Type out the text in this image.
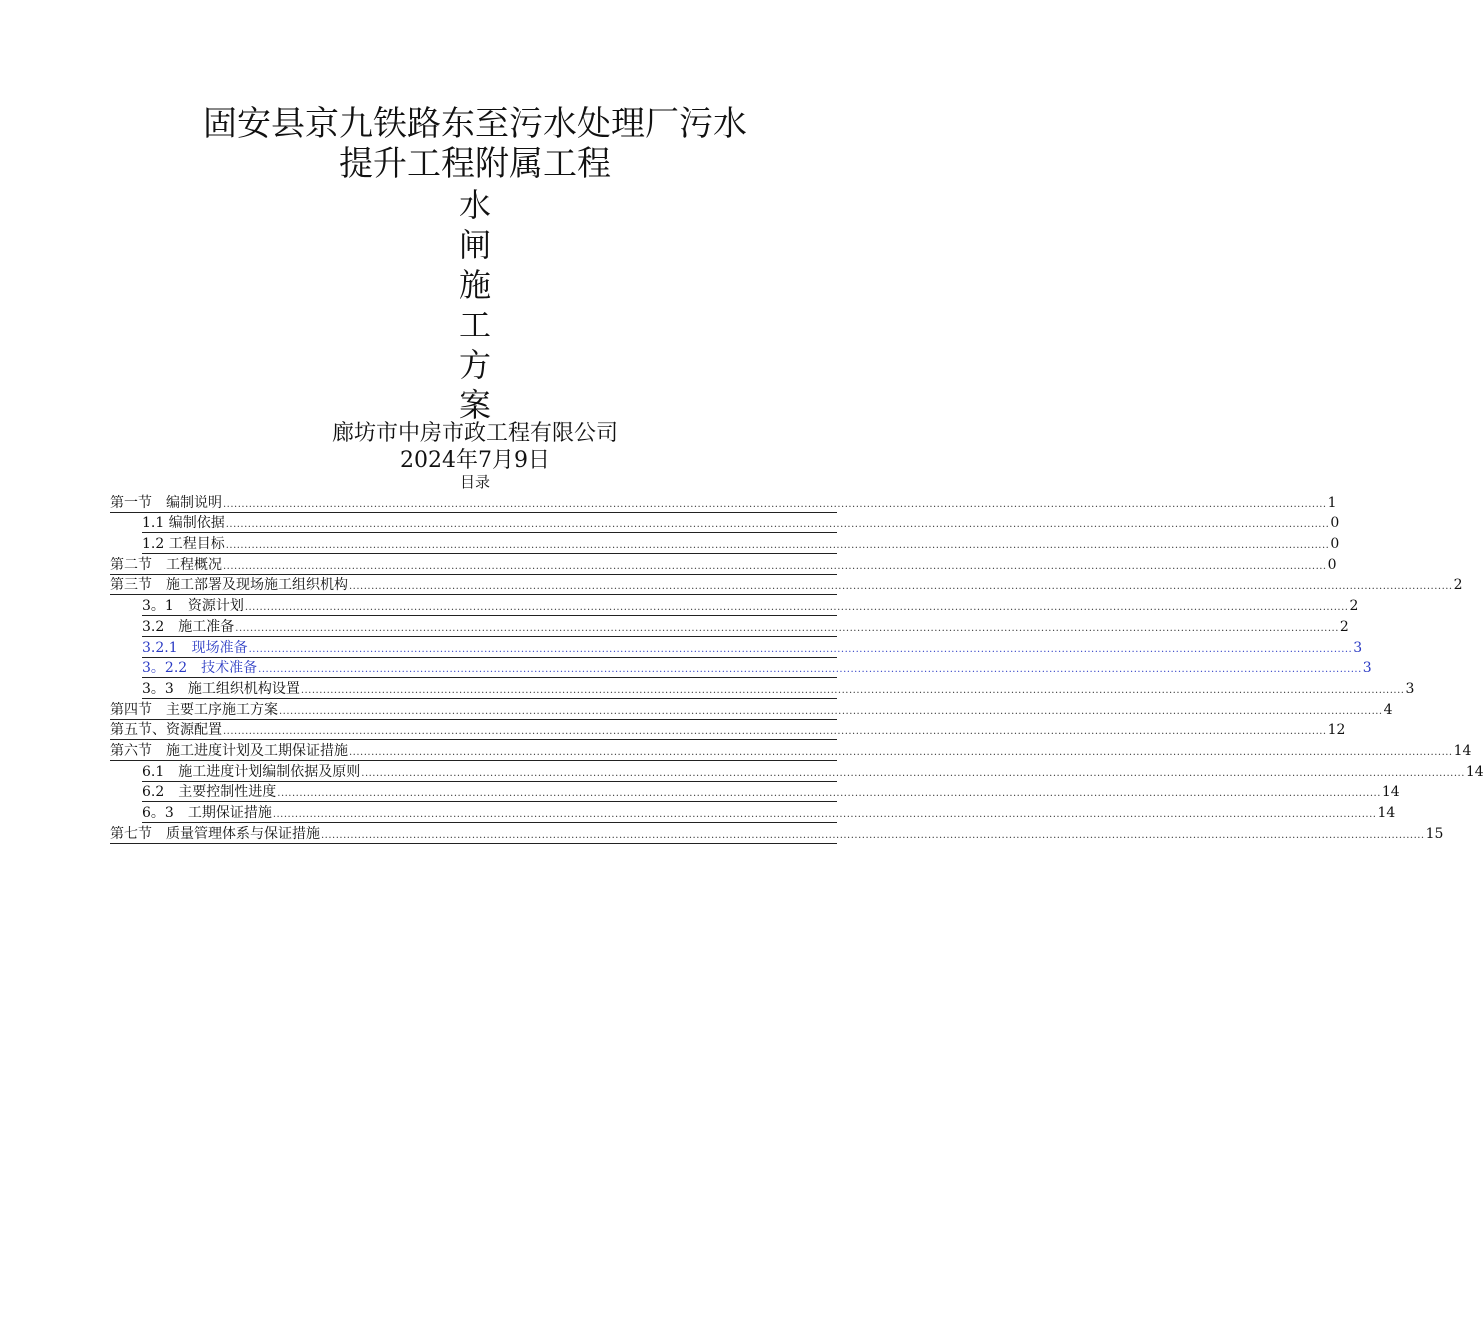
固安县京九铁路东至污水处理厂污水
提升工程附属工程
水
闸
施
工
方
案
廊坊市中房市政工程有限公司
2024年7月9日
目录
第一节　编制说明 ............................................................................................................................................................................................................................................................................................................ 1
1.1 编制依据 ............................................................................................................................................................................................................................................................................................................ 0
1.2 工程目标 ............................................................................................................................................................................................................................................................................................................ 0
第二节　工程概况 ............................................................................................................................................................................................................................................................................................................ 0
第三节　施工部署及现场施工组织机构 ............................................................................................................................................................................................................................................................................................................ 2
3。1　资源计划 ............................................................................................................................................................................................................................................................................................................ 2
3.2　施工准备 ............................................................................................................................................................................................................................................................................................................ 2
3.2.1　现场准备 ............................................................................................................................................................................................................................................................................................................ 3
3。2.2　技术准备 ............................................................................................................................................................................................................................................................................................................ 3
3。3　施工组织机构设置 ............................................................................................................................................................................................................................................................................................................ 3
第四节　主要工序施工方案 ............................................................................................................................................................................................................................................................................................................ 4
第五节、资源配置 ............................................................................................................................................................................................................................................................................................................ 12
第六节　施工进度计划及工期保证措施 ............................................................................................................................................................................................................................................................................................................ 14
6.1　施工进度计划编制依据及原则 ............................................................................................................................................................................................................................................................................................................ 14
6.2　主要控制性进度 ............................................................................................................................................................................................................................................................................................................ 14
6。3　工期保证措施 ............................................................................................................................................................................................................................................................................................................ 14
第七节　质量管理体系与保证措施 ............................................................................................................................................................................................................................................................................................................ 15
